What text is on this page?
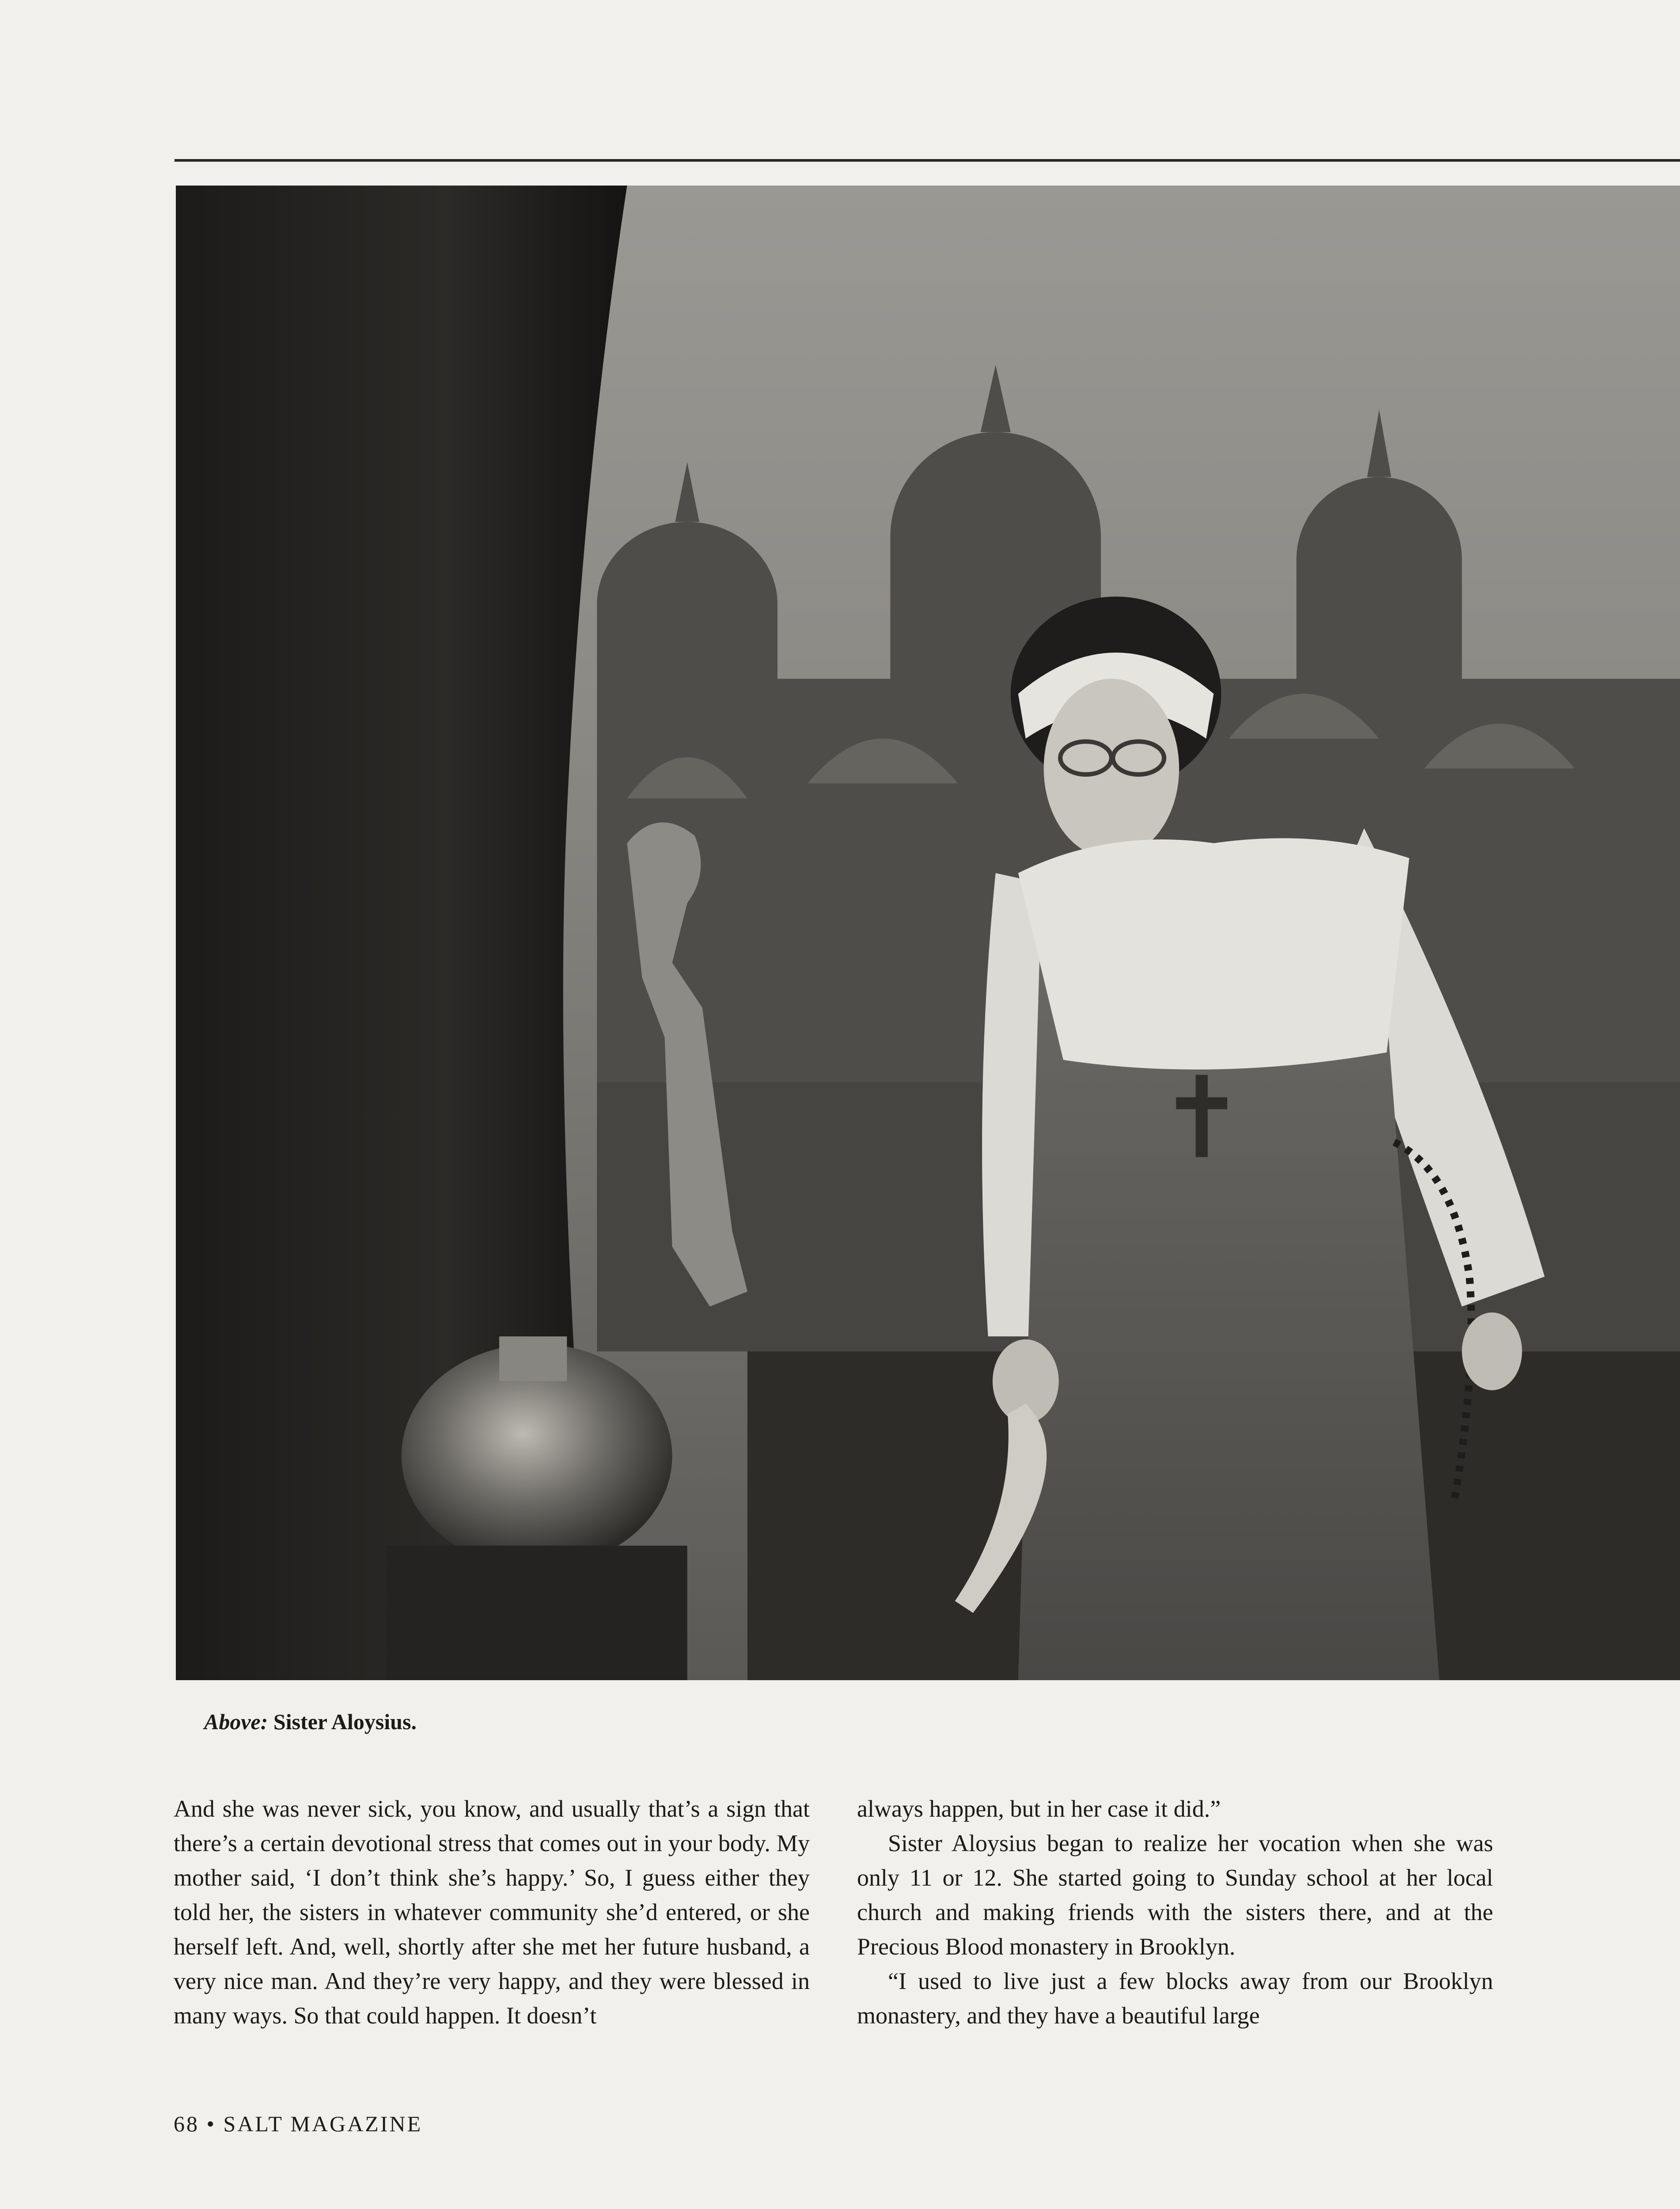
Above: Sister Aloysius.

And she was never sick, you know, and usually that’s a sign that there’s a certain devotional stress that comes out in your body. My mother said, ‘I don’t think she’s happy.’ So, I guess either they told her, the sisters in whatever community she’d entered, or she herself left. And, well, shortly after she met her future husband, a very nice man. And they’re very happy, and they were blessed in many ways. So that could happen. It doesn’t

always happen, but in her case it did.”

Sister Aloysius began to realize her vocation when she was only 11 or 12. She started going to Sunday school at her local church and making friends with the sisters there, and at the Precious Blood monastery in Brooklyn.

“I used to live just a few blocks away from our Brooklyn monastery, and they have a beautiful large

68 • SALT MAGAZINE
